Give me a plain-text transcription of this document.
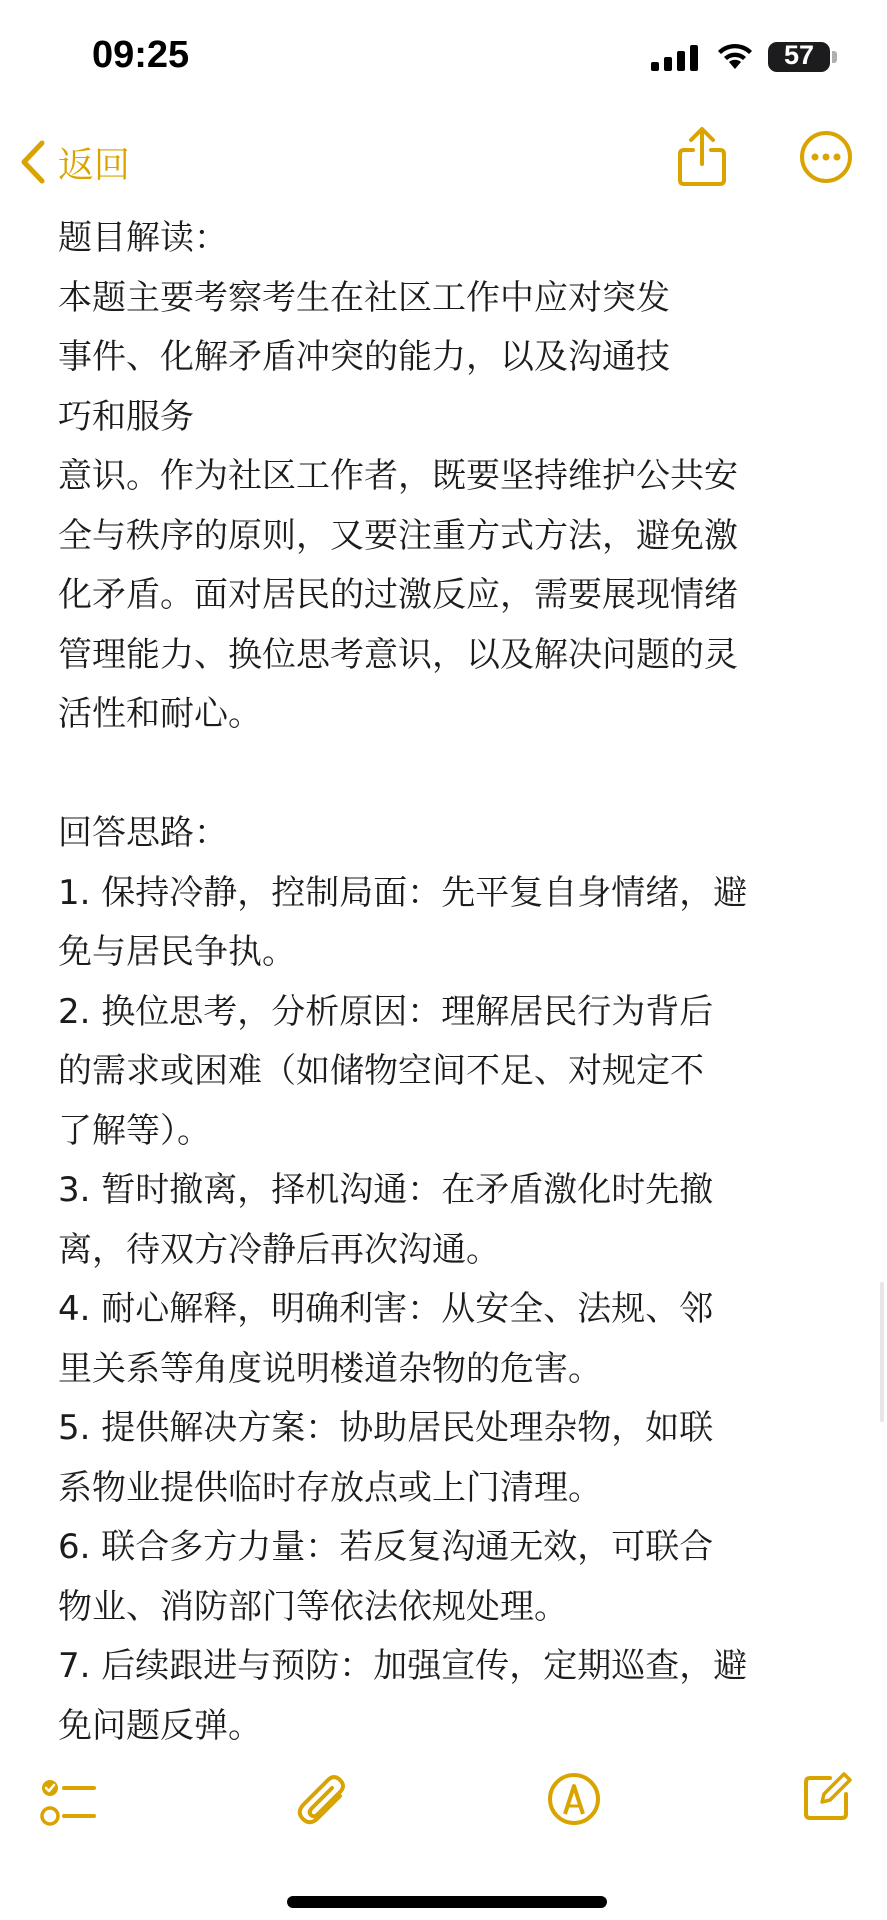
09:25	57
返回

题目解读：

本题主要考察考生在社区工作中应对突发

事件、化解矛盾冲突的能力，以及沟通技

巧和服务

意识。作为社区工作者，既要坚持维护公共安

全与秩序的原则，又要注重方式方法，避免激

化矛盾。面对居民的过激反应，需要展现情绪

管理能力、换位思考意识，以及解决问题的灵

活性和耐心。

回答思路：

1. 保持冷静，控制局面：先平复自身情绪，避

免与居民争执。

2. 换位思考，分析原因：理解居民行为背后

的需求或困难（如储物空间不足、对规定不

了解等）。

3. 暂时撤离，择机沟通：在矛盾激化时先撤

离，待双方冷静后再次沟通。

4. 耐心解释，明确利害：从安全、法规、邻

里关系等角度说明楼道杂物的危害。

5. 提供解决方案：协助居民处理杂物，如联

系物业提供临时存放点或上门清理。

6. 联合多方力量：若反复沟通无效，可联合

物业、消防部门等依法依规处理。

7. 后续跟进与预防：加强宣传，定期巡查，避

免问题反弹。
